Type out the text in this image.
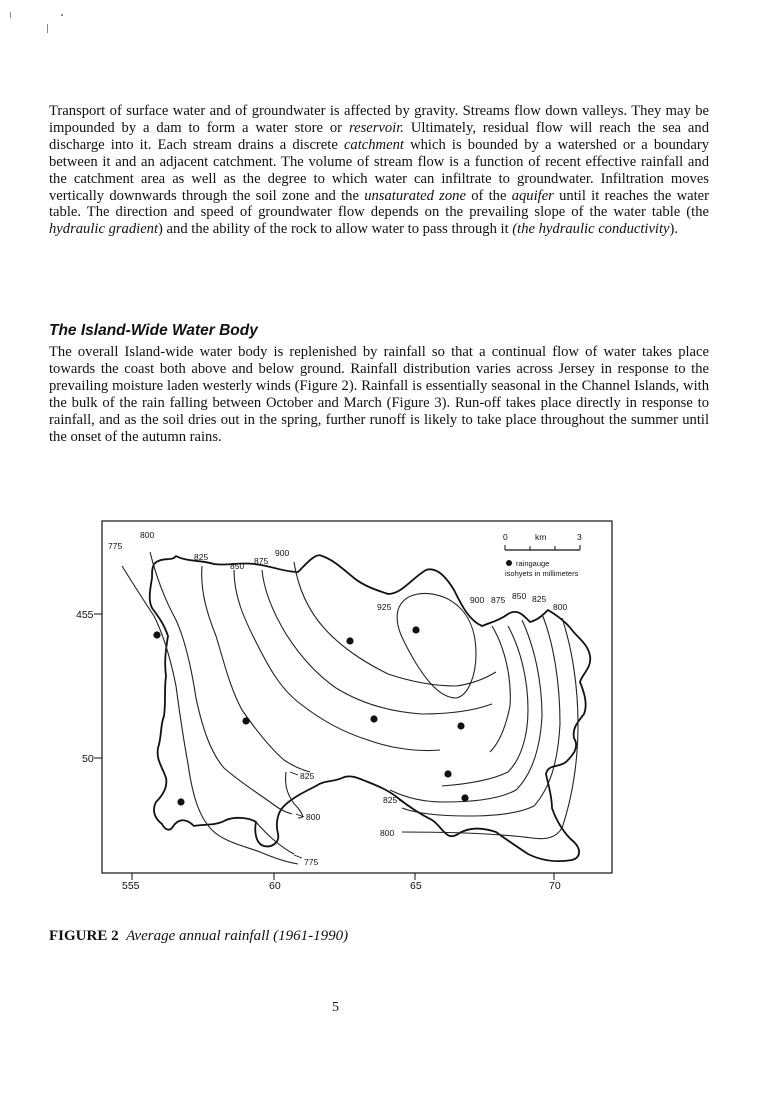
Transport of surface water and of groundwater is affected by gravity. Streams flow down valleys. They may be impounded by a dam to form a water store or reservoir. Ultimately, residual flow will reach the sea and discharge into it. Each stream drains a discrete catchment which is bounded by a watershed or a boundary between it and an adjacent catchment. The volume of stream flow is a function of recent effective rainfall and the catchment area as well as the degree to which water can infiltrate to groundwater. Infiltration moves vertically downwards through the soil zone and the unsaturated zone of the aquifer until it reaches the water table. The direction and speed of groundwater flow depends on the prevailing slope of the water table (the hydraulic gradient) and the ability of the rock to allow water to pass through it (the hydraulic conductivity).

The Island-Wide Water Body

The overall Island-wide water body is replenished by rainfall so that a continual flow of water takes place towards the coast both above and below ground. Rainfall distribution varies across Jersey in response to the prevailing moisture laden westerly winds (Figure 2). Rainfall is essentially seasonal in the Channel Islands, with the bulk of the rain falling between October and March (Figure 3). Run-off takes place directly in response to rainfall, and as the soil dries out in the spring, further runoff is likely to take place throughout the summer until the onset of the autumn rains.

455
50
555	60	65	70
775
800
825
850 875
900
925
900 875 850 825
800
825
800
775
825
800
0	km	3
raingauge
isohyets in millimeters

FIGURE 2 Average annual rainfall (1961-1990)

5
